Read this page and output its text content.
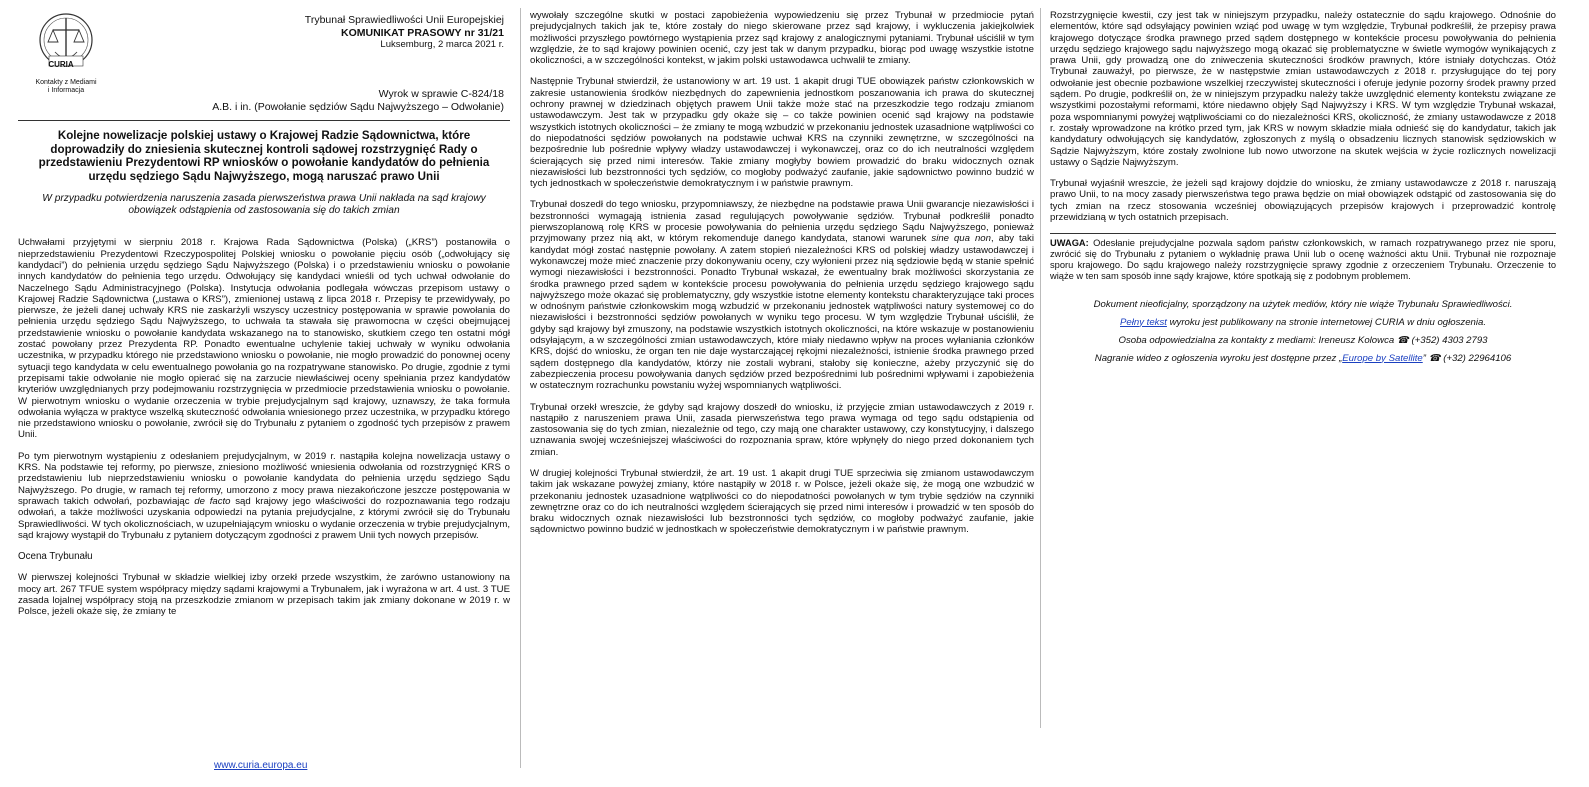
CURIA
Kontakty z Mediami
i Informacja
Trybunał Sprawiedliwości Unii Europejskiej
KOMUNIKAT PRASOWY nr 31/21
Luksemburg, 2 marca 2021 r.
Wyrok w sprawie C-824/18
A.B. i in. (Powołanie sędziów Sądu Najwyższego – Odwołanie)
Kolejne nowelizacje polskiej ustawy o Krajowej Radzie Sądownictwa, które doprowadziły do zniesienia skutecznej kontroli sądowej rozstrzygnięć Rady o przedstawieniu Prezydentowi RP wniosków o powołanie kandydatów do pełnienia urzędu sędziego Sądu Najwyższego, mogą naruszać prawo Unii
W przypadku potwierdzenia naruszenia zasada pierwszeństwa prawa Unii nakłada na sąd krajowy obowiązek odstąpienia od zastosowania się do takich zmian

Uchwałami przyjętymi w sierpniu 2018 r. Krajowa Rada Sądownictwa (Polska) („KRS”) postanowiła o nieprzedstawieniu Prezydentowi Rzeczypospolitej Polskiej wniosku o powołanie pięciu osób („odwołujący się kandydaci”) do pełnienia urzędu sędziego Sądu Najwyższego (Polska) i o przedstawieniu wniosku o powołanie innych kandydatów do pełnienia tego urzędu. Odwołujący się kandydaci wnieśli od tych uchwał odwołanie do Naczelnego Sądu Administracyjnego (Polska). Instytucja odwołania podlegała wówczas przepisom ustawy o Krajowej Radzie Sądownictwa („ustawa o KRS”), zmienionej ustawą z lipca 2018 r. Przepisy te przewidywały, po pierwsze, że jeżeli danej uchwały KRS nie zaskarżyli wszyscy uczestnicy postępowania w sprawie powołania do pełnienia urzędu sędziego Sądu Najwyższego, to uchwała ta stawała się prawomocna w części obejmującej przedstawienie wniosku o powołanie kandydata wskazanego na to stanowisko, skutkiem czego ten ostatni mógł zostać powołany przez Prezydenta RP. Ponadto ewentualne uchylenie takiej uchwały w wyniku odwołania uczestnika, w przypadku którego nie przedstawiono wniosku o powołanie, nie mogło prowadzić do ponownej oceny sytuacji tego kandydata w celu ewentualnego powołania go na rozpatrywane stanowisko. Po drugie, zgodnie z tymi przepisami takie odwołanie nie mogło opierać się na zarzucie niewłaściwej oceny spełniania przez kandydatów kryteriów uwzględnianych przy podejmowaniu rozstrzygnięcia w przedmiocie przedstawienia wniosku o powołanie. W pierwotnym wniosku o wydanie orzeczenia w trybie prejudycjalnym sąd krajowy, uznawszy, że taka formuła odwołania wyłącza w praktyce wszelką skuteczność odwołania wniesionego przez uczestnika, w przypadku którego nie przedstawiono wniosku o powołanie, zwrócił się do Trybunału z pytaniem o zgodność tych przepisów z prawem Unii.

Po tym pierwotnym wystąpieniu z odesłaniem prejudycjalnym, w 2019 r. nastąpiła kolejna nowelizacja ustawy o KRS. Na podstawie tej reformy, po pierwsze, zniesiono możliwość wniesienia odwołania od rozstrzygnięć KRS o przedstawieniu lub nieprzedstawieniu wniosku o powołanie kandydata do pełnienia urzędu sędziego Sądu Najwyższego. Po drugie, w ramach tej reformy, umorzono z mocy prawa niezakończone jeszcze postępowania w sprawach takich odwołań, pozbawiając de facto sąd krajowy jego właściwości do rozpoznawania tego rodzaju odwołań, a także możliwości uzyskania odpowiedzi na pytania prejudycjalne, z którymi zwrócił się do Trybunału Sprawiedliwości. W tych okolicznościach, w uzupełniającym wniosku o wydanie orzeczenia w trybie prejudycjalnym, sąd krajowy wystąpił do Trybunału z pytaniem dotyczącym zgodności z prawem Unii tych nowych przepisów.

Ocena Trybunału

W pierwszej kolejności Trybunał w składzie wielkiej izby orzekł przede wszystkim, że zarówno ustanowiony na mocy art. 267 TFUE system współpracy między sądami krajowymi a Trybunałem, jak i wyrażona w art. 4 ust. 3 TUE zasada lojalnej współpracy stoją na przeszkodzie zmianom w przepisach takim jak zmiany dokonane w 2019 r. w Polsce, jeżeli okaże się, że zmiany te

www.curia.europa.eu

wywołały szczególne skutki w postaci zapobieżenia wypowiedzeniu się przez Trybunał w przedmiocie pytań prejudycjalnych takich jak te, które zostały do niego skierowane przez sąd krajowy, i wykluczenia jakiejkolwiek możliwości przyszłego powtórnego wystąpienia przez sąd krajowy z analogicznymi pytaniami. Trybunał uściślił w tym względzie, że to sąd krajowy powinien ocenić, czy jest tak w danym przypadku, biorąc pod uwagę wszystkie istotne okoliczności, a w szczególności kontekst, w jakim polski ustawodawca uchwalił te zmiany.

Następnie Trybunał stwierdził, że ustanowiony w art. 19 ust. 1 akapit drugi TUE obowiązek państw członkowskich w zakresie ustanowienia środków niezbędnych do zapewnienia jednostkom poszanowania ich prawa do skutecznej ochrony prawnej w dziedzinach objętych prawem Unii także może stać na przeszkodzie tego rodzaju zmianom ustawodawczym. Jest tak w przypadku gdy okaże się – co także powinien ocenić sąd krajowy na podstawie wszystkich istotnych okoliczności – że zmiany te mogą wzbudzić w przekonaniu jednostek uzasadnione wątpliwości co do niepodatności sędziów powołanych na podstawie uchwał KRS na czynniki zewnętrzne, w szczególności na bezpośrednie lub pośrednie wpływy władzy ustawodawczej i wykonawczej, oraz co do ich neutralności względem ścierających się przed nimi interesów. Takie zmiany mogłyby bowiem prowadzić do braku widocznych oznak niezawisłości lub bezstronności tych sędziów, co mogłoby podważyć zaufanie, jakie sądownictwo powinno budzić w tych jednostkach w społeczeństwie demokratycznym i w państwie prawnym.

Trybunał doszedł do tego wniosku, przypomniawszy, że niezbędne na podstawie prawa Unii gwarancje niezawisłości i bezstronności wymagają istnienia zasad regulujących powoływanie sędziów. Trybunał podkreślił ponadto pierwszoplanową rolę KRS w procesie powoływania do pełnienia urzędu sędziego Sądu Najwyższego, ponieważ przyjmowany przez nią akt, w którym rekomenduje danego kandydata, stanowi warunek sine qua non, aby taki kandydat mógł zostać następnie powołany. A zatem stopień niezależności KRS od polskiej władzy ustawodawczej i wykonawczej może mieć znaczenie przy dokonywaniu oceny, czy wyłonieni przez nią sędziowie będą w stanie spełnić wymogi niezawisłości i bezstronności. Ponadto Trybunał wskazał, że ewentualny brak możliwości skorzystania ze środka prawnego przed sądem w kontekście procesu powoływania do pełnienia urzędu sędziego krajowego sądu najwyższego może okazać się problematyczny, gdy wszystkie istotne elementy kontekstu charakteryzujące taki proces w odnośnym państwie członkowskim mogą wzbudzić w przekonaniu jednostek wątpliwości natury systemowej co do niezawisłości i bezstronności sędziów powołanych w wyniku tego procesu. W tym względzie Trybunał uściślił, że gdyby sąd krajowy był zmuszony, na podstawie wszystkich istotnych okoliczności, na które wskazuje w postanowieniu odsyłającym, a w szczególności zmian ustawodawczych, które miały niedawno wpływ na proces wyłaniania członków KRS, dojść do wniosku, że organ ten nie daje wystarczającej rękojmi niezależności, istnienie środka prawnego przed sądem dostępnego dla kandydatów, którzy nie zostali wybrani, stałoby się konieczne, ażeby przyczynić się do zabezpieczenia procesu powoływania danych sędziów przed bezpośrednimi lub pośrednimi wpływami i zapobieżenia w ostatecznym rozrachunku powstaniu wyżej wspomnianych wątpliwości.

Trybunał orzekł wreszcie, że gdyby sąd krajowy doszedł do wniosku, iż przyjęcie zmian ustawodawczych z 2019 r. nastąpiło z naruszeniem prawa Unii, zasada pierwszeństwa tego prawa wymaga od tego sądu odstąpienia od zastosowania się do tych zmian, niezależnie od tego, czy mają one charakter ustawowy, czy konstytucyjny, i dalszego uznawania swojej wcześniejszej właściwości do rozpoznania spraw, które wpłynęły do niego przed dokonaniem tych zmian.

W drugiej kolejności Trybunał stwierdził, że art. 19 ust. 1 akapit drugi TUE sprzeciwia się zmianom ustawodawczym takim jak wskazane powyżej zmiany, które nastąpiły w 2018 r. w Polsce, jeżeli okaże się, że mogą one wzbudzić w przekonaniu jednostek uzasadnione wątpliwości co do niepodatności powołanych w tym trybie sędziów na czynniki zewnętrzne oraz co do ich neutralności względem ścierających się przed nimi interesów i prowadzić w ten sposób do braku widocznych oznak niezawisłości lub bezstronności tych sędziów, co mogłoby podważyć zaufanie, jakie sądownictwo powinno budzić w jednostkach w społeczeństwie demokratycznym i w państwie prawnym.

Rozstrzygnięcie kwestii, czy jest tak w niniejszym przypadku, należy ostatecznie do sądu krajowego. Odnośnie do elementów, które sąd odsyłający powinien wziąć pod uwagę w tym względzie, Trybunał podkreślił, że przepisy prawa krajowego dotyczące środka prawnego przed sądem dostępnego w kontekście procesu powoływania do pełnienia urzędu sędziego krajowego sądu najwyższego mogą okazać się problematyczne w świetle wymogów wynikających z prawa Unii, gdy prowadzą one do zniweczenia skuteczności środków prawnych, które istniały dotychczas. Otóż Trybunał zauważył, po pierwsze, że w następstwie zmian ustawodawczych z 2018 r. przysługujące do tej pory odwołanie jest obecnie pozbawione wszelkiej rzeczywistej skuteczności i oferuje jedynie pozorny środek prawny przed sądem. Po drugie, podkreślił on, że w niniejszym przypadku należy także uwzględnić elementy kontekstu związane ze wszystkimi pozostałymi reformami, które niedawno objęły Sąd Najwyższy i KRS. W tym względzie Trybunał wskazał, poza wspomnianymi powyżej wątpliwościami co do niezależności KRS, okoliczność, że zmiany ustawodawcze z 2018 r. zostały wprowadzone na krótko przed tym, jak KRS w nowym składzie miała odnieść się do kandydatur, takich jak kandydatury odwołujących się kandydatów, zgłoszonych z myślą o obsadzeniu licznych stanowisk sędziowskich w Sądzie Najwyższym, które zostały zwolnione lub nowo utworzone na skutek wejścia w życie rozlicznych nowelizacji ustawy o Sądzie Najwyższym.

Trybunał wyjaśnił wreszcie, że jeżeli sąd krajowy dojdzie do wniosku, że zmiany ustawodawcze z 2018 r. naruszają prawo Unii, to na mocy zasady pierwszeństwa tego prawa będzie on miał obowiązek odstąpić od zastosowania się do tych zmian na rzecz stosowania wcześniej obowiązujących przepisów krajowych i przeprowadzić kontrolę przewidzianą w tych ostatnich przepisach.

UWAGA: Odesłanie prejudycjalne pozwala sądom państw członkowskich, w ramach rozpatrywanego przez nie sporu, zwrócić się do Trybunału z pytaniem o wykładnię prawa Unii lub o ocenę ważności aktu Unii. Trybunał nie rozpoznaje sporu krajowego. Do sądu krajowego należy rozstrzygnięcie sprawy zgodnie z orzeczeniem Trybunału. Orzeczenie to wiąże w ten sam sposób inne sądy krajowe, które spotkają się z podobnym problemem.
Dokument nieoficjalny, sporządzony na użytek mediów, który nie wiąże Trybunału Sprawiedliwości.
Pełny tekst wyroku jest publikowany na stronie internetowej CURIA w dniu ogłoszenia.
Osoba odpowiedzialna za kontakty z mediami: Ireneusz Kolowca ☎ (+352) 4303 2793
Nagranie wideo z ogłoszenia wyroku jest dostępne przez „Europe by Satellite” ☎ (+32) 22964106
